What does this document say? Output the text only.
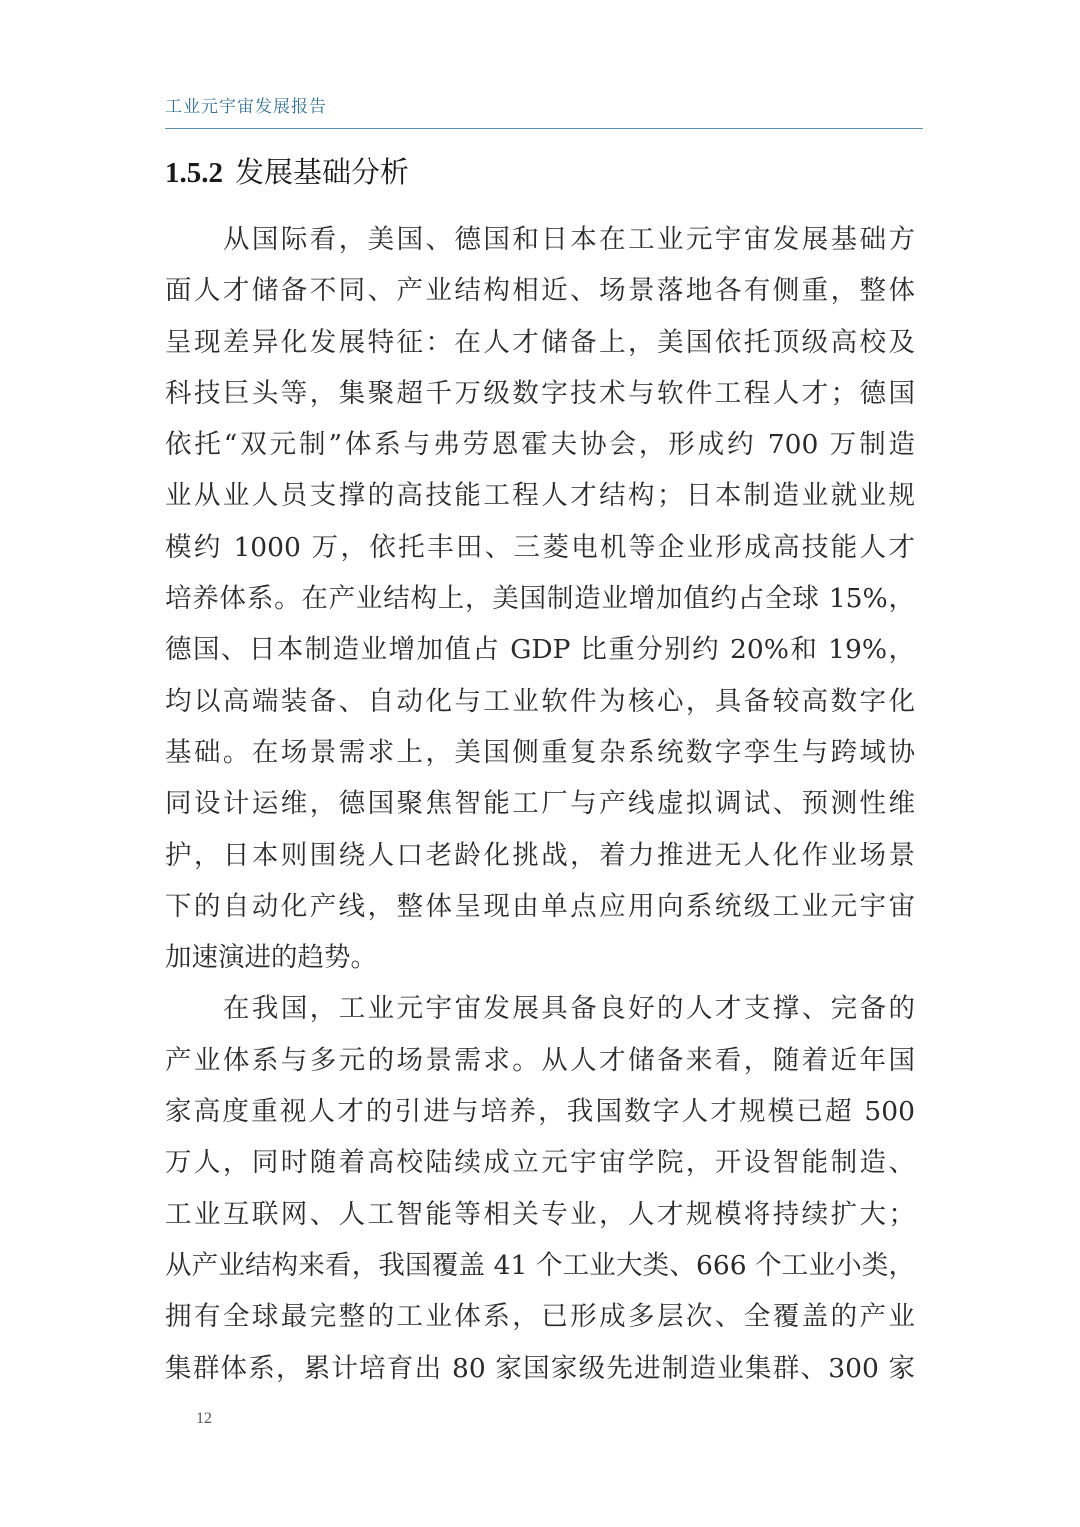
工业元宇宙发展报告
1.5.2 发展基础分析
从国际看，美国、德国和日本在工业元宇宙发展基础方
面人才储备不同、产业结构相近、场景落地各有侧重，整体
呈现差异化发展特征：在人才储备上，美国依托顶级高校及
科技巨头等，集聚超千万级数字技术与软件工程人才；德国
依托“双元制”体系与弗劳恩霍夫协会，形成约 700 万制造
业从业人员支撑的高技能工程人才结构；日本制造业就业规
模约 1000 万，依托丰田、三菱电机等企业形成高技能人才
培养体系。在产业结构上，美国制造业增加值约占全球 15%，
德国、日本制造业增加值占 GDP 比重分别约 20%和 19%，
均以高端装备、自动化与工业软件为核心，具备较高数字化
基础。在场景需求上，美国侧重复杂系统数字孪生与跨域协
同设计运维，德国聚焦智能工厂与产线虚拟调试、预测性维
护，日本则围绕人口老龄化挑战，着力推进无人化作业场景
下的自动化产线，整体呈现由单点应用向系统级工业元宇宙
加速演进的趋势。
在我国，工业元宇宙发展具备良好的人才支撑、完备的
产业体系与多元的场景需求。从人才储备来看，随着近年国
家高度重视人才的引进与培养，我国数字人才规模已超 500
万人，同时随着高校陆续成立元宇宙学院，开设智能制造、
工业互联网、人工智能等相关专业，人才规模将持续扩大；
从产业结构来看，我国覆盖 41 个工业大类、666 个工业小类，
拥有全球最完整的工业体系，已形成多层次、全覆盖的产业
集群体系，累计培育出 80 家国家级先进制造业集群、300 家
12
